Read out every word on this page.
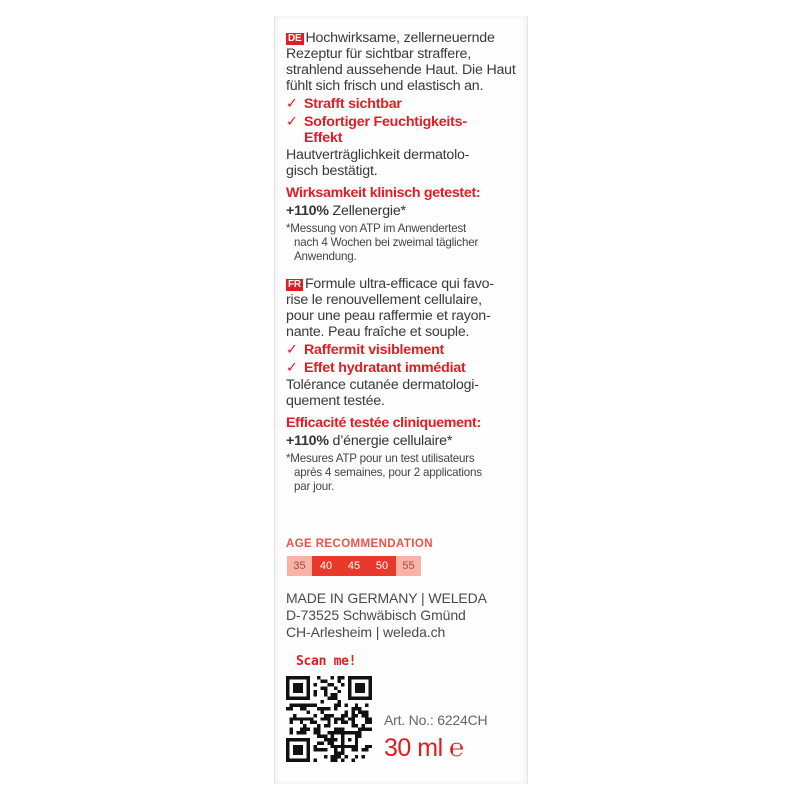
DE Hochwirksame, zellerneuernde
Rezeptur für sichtbar straffere,
strahlend aussehende Haut. Die Haut
fühlt sich frisch und elastisch an.
✓ Strafft sichtbar
✓ Sofortiger Feuchtigkeits-
Effekt
Hautverträglichkeit dermatolo-
gisch bestätigt.
Wirksamkeit klinisch getestet:
+110% Zellenergie*
*Messung von ATP im Anwendertest
nach 4 Wochen bei zweimal täglicher
Anwendung.
FR Formule ultra-efficace qui favo-
rise le renouvellement cellulaire,
pour une peau raffermie et rayon-
nante. Peau fraîche et souple.
✓ Raffermit visiblement
✓ Effet hydratant immédiat
Tolérance cutanée dermatologi-
quement testée.
Efficacité testée cliniquement:
+110% d’énergie cellulaire*
*Mesures ATP pour un test utilisateurs
après 4 semaines, pour 2 applications
par jour.
AGE RECOMMENDATION
35	40	45	50	55
MADE IN GERMANY | WELEDA
D-73525 Schwäbisch Gmünd
CH-Arlesheim | weleda.ch
Scan me!
Art. No.: 6224CH
30 ml ℮
